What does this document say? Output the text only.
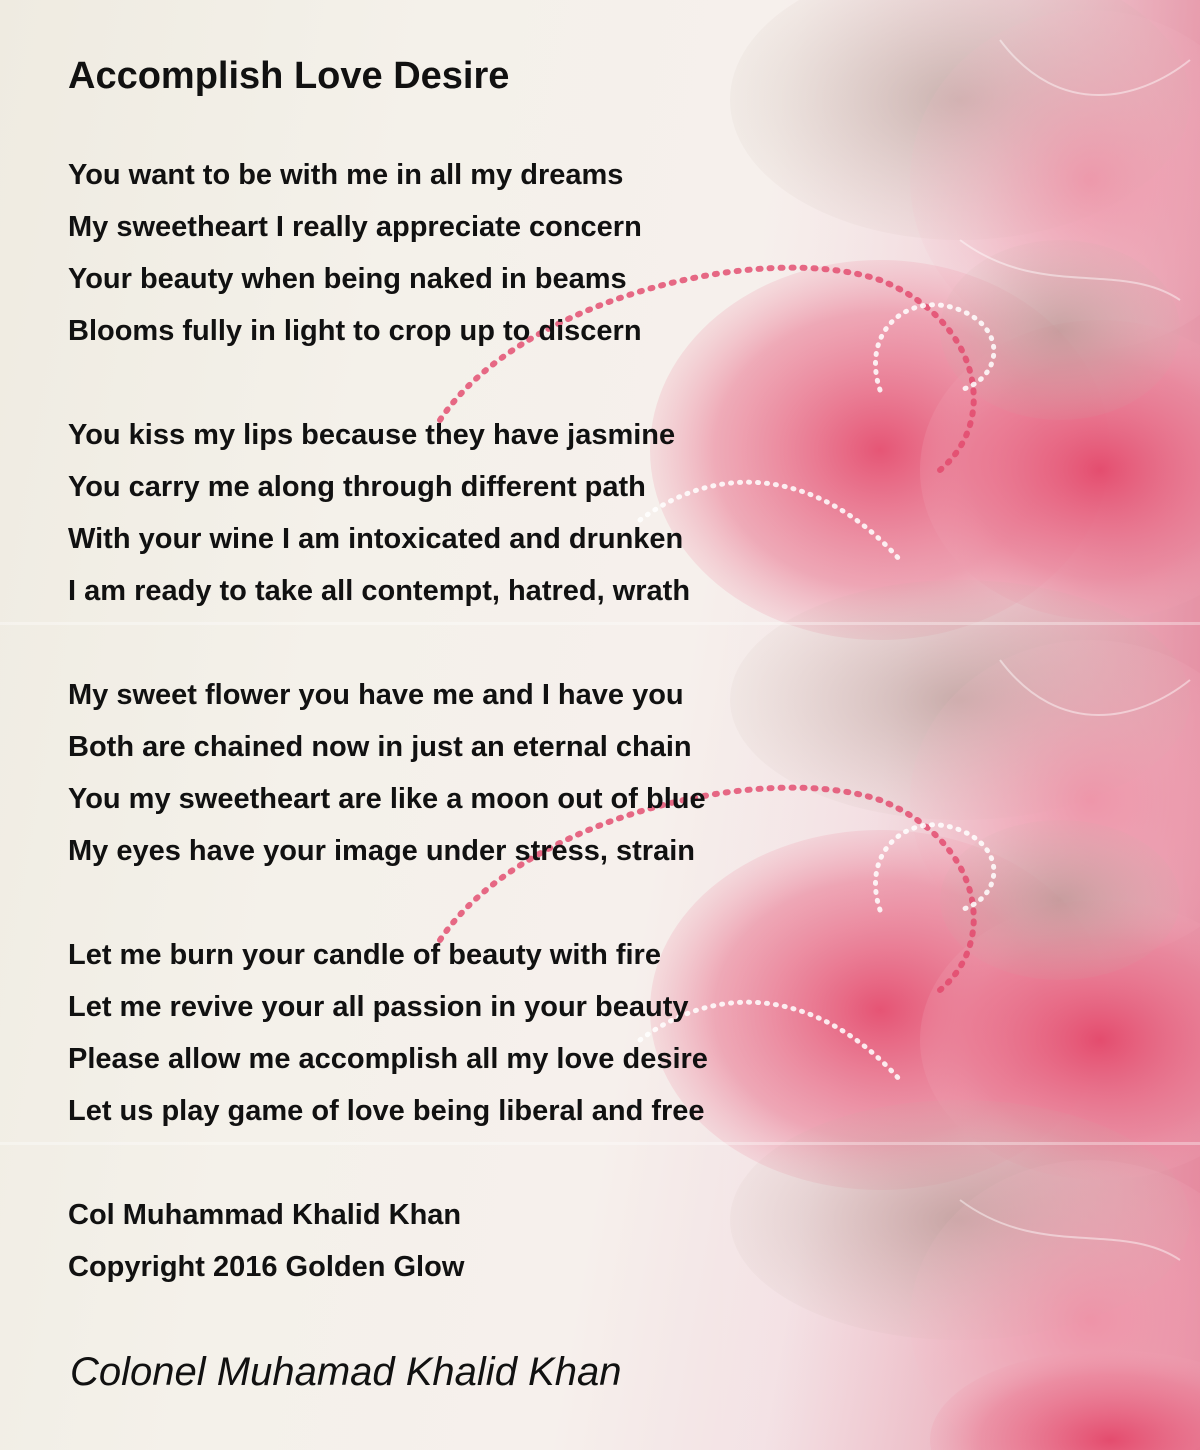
Accomplish Love Desire
You want to be with me in all my dreams
My sweetheart I really appreciate concern
Your beauty when being naked in beams
Blooms fully in light to crop up to discern
You kiss my lips because they have jasmine
You carry me along through different path
With your wine I am intoxicated and drunken
I am ready to take all contempt, hatred, wrath
My sweet flower you have me and I have you
Both are chained now in just an eternal chain
You my sweetheart are like a moon out of blue
My eyes have your image under stress, strain
Let me burn your candle of beauty with fire
Let me revive your all passion in your beauty
Please allow me accomplish all my love desire
Let us play game of love being liberal and free
Col Muhammad Khalid Khan
Copyright 2016 Golden Glow
Colonel Muhamad Khalid Khan
